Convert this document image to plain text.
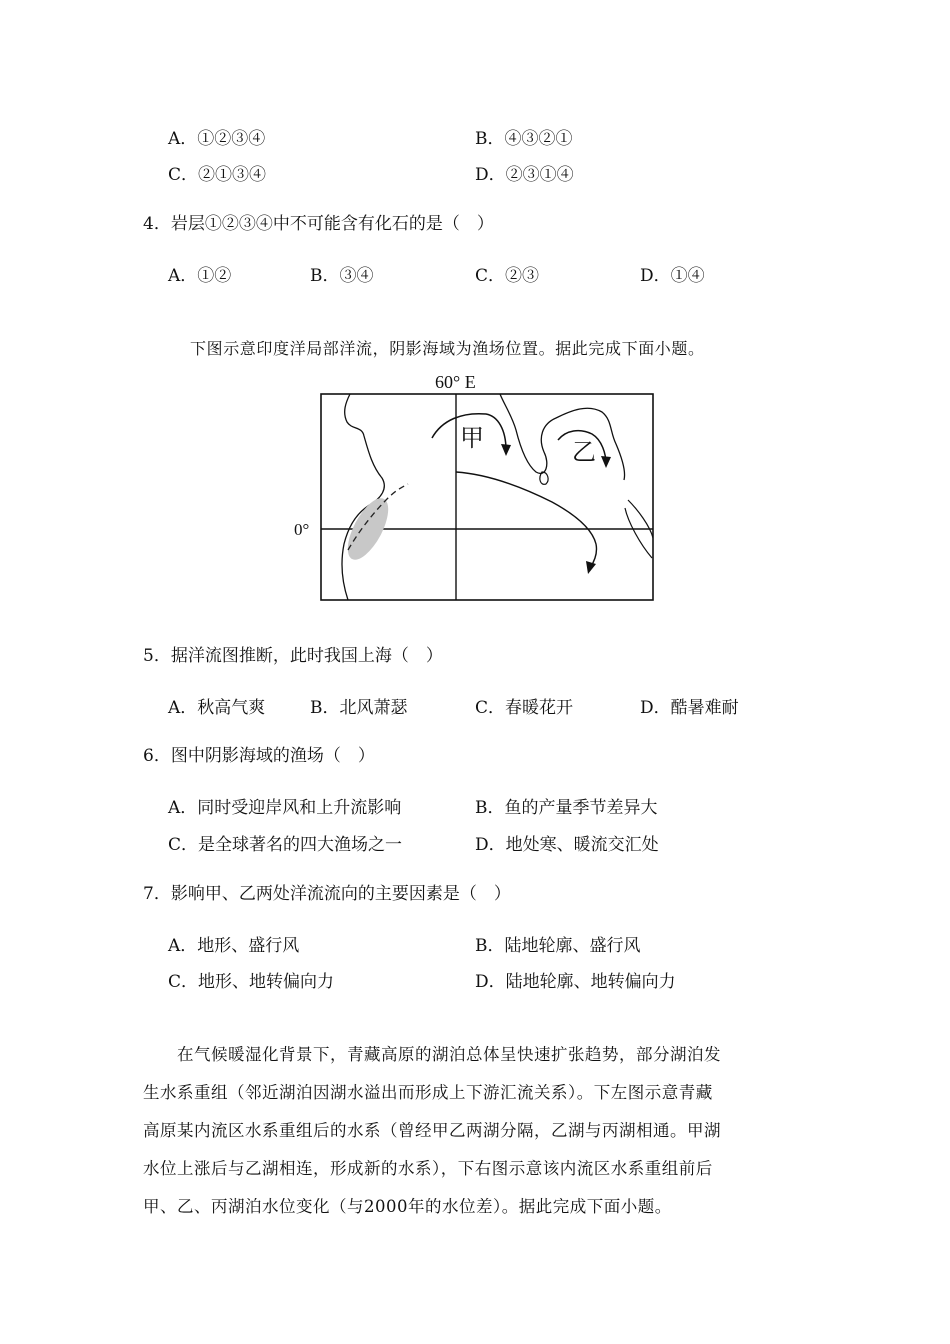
A．①②③④	B．④③②①
C．②①③④	D．②③①④
4．岩层①②③④中不可能含有化石的是（　）
A．①②	B．③④	C．②③	D．①④
下图示意印度洋局部洋流，阴影海域为渔场位置。据此完成下面小题。
60° E
0°
甲	乙
5．据洋流图推断，此时我国上海（　）
A．秋高气爽	B．北风萧瑟	C．春暖花开	D．酷暑难耐
6．图中阴影海域的渔场（　）
A．同时受迎岸风和上升流影响	B．鱼的产量季节差异大
C．是全球著名的四大渔场之一	D．地处寒、暖流交汇处
7．影响甲、乙两处洋流流向的主要因素是（　）
A．地形、盛行风	B．陆地轮廓、盛行风
C．地形、地转偏向力	D．陆地轮廓、地转偏向力

　　在气候暖湿化背景下，青藏高原的湖泊总体呈快速扩张趋势，部分湖泊发

生水系重组（邻近湖泊因湖水溢出而形成上下游汇流关系）。下左图示意青藏

高原某内流区水系重组后的水系（曾经甲乙两湖分隔，乙湖与丙湖相通。甲湖

水位上涨后与乙湖相连，形成新的水系），下右图示意该内流区水系重组前后

甲、乙、丙湖泊水位变化（与2000年的水位差）。据此完成下面小题。
